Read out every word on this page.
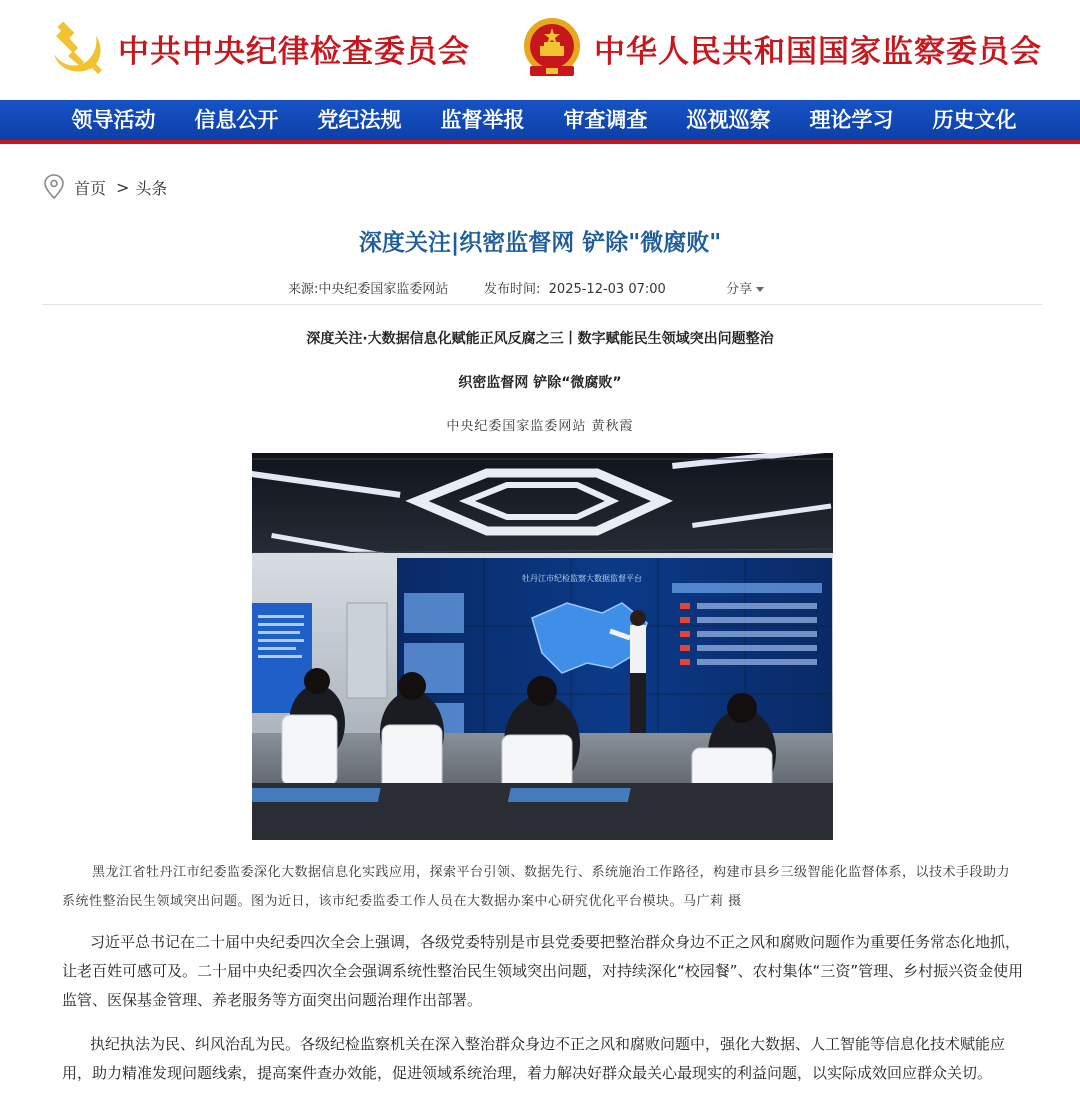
中共中央纪律检查委员会	中华人民共和国国家监察委员会
领导活动	信息公开	党纪法规	监督举报	审查调查	巡视巡察	理论学习	历史文化
首页 > 头条
深度关注|织密监督网 铲除"微腐败"
来源:中央纪委国家监委网站	发布时间: 2025-12-03 07:00	分享
深度关注·大数据信息化赋能正风反腐之三丨数字赋能民生领域突出问题整治
织密监督网 铲除“微腐败”
中央纪委国家监委网站 黄秋霞
牡丹江市纪检监察大数据监督平台
黑龙江省牡丹江市纪委监委深化大数据信息化实践应用，探索平台引领、数据先行、系统施治工作路径，构建市县乡三级智能化监督体系，以技术手段助力系统性整治民生领域突出问题。图为近日，该市纪委监委工作人员在大数据办案中心研究优化平台模块。马广莉 摄

习近平总书记在二十届中央纪委四次全会上强调，各级党委特别是市县党委要把整治群众身边不正之风和腐败问题作为重要任务常态化地抓，让老百姓可感可及。二十届中央纪委四次全会强调系统性整治民生领域突出问题，对持续深化“校园餐”、农村集体“三资”管理、乡村振兴资金使用监管、医保基金管理、养老服务等方面突出问题治理作出部署。

执纪执法为民、纠风治乱为民。各级纪检监察机关在深入整治群众身边不正之风和腐败问题中，强化大数据、人工智能等信息化技术赋能应用，助力精准发现问题线索，提高案件查办效能，促进领域系统治理，着力解决好群众最关心最现实的利益问题，以实际成效回应群众关切。
